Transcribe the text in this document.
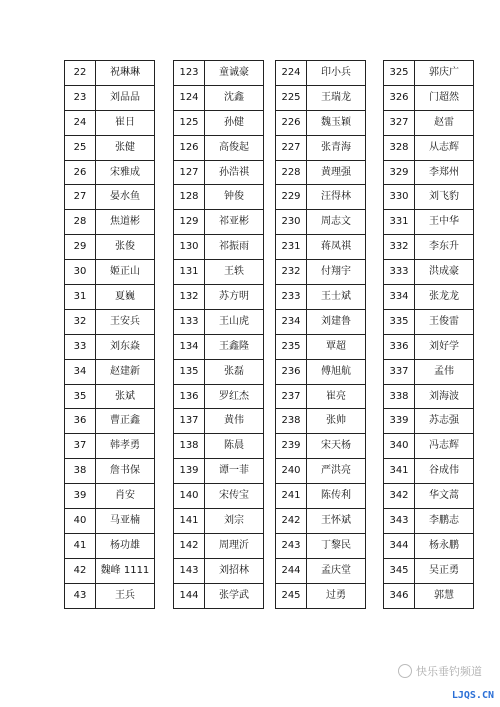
22	祝琳琳
23	刘品品
24	崔日
25	张健
26	宋雅成
27	晏水鱼
28	焦道彬
29	张俊
30	姬正山
31	夏巍
32	王安兵
33	刘东焱
34	赵建新
35	张斌
36	曹正鑫
37	韩孝勇
38	詹书保
39	肖安
40	马亚楠
41	杨功雄
42	魏峰 1111
43	王兵
123	童诚豪
124	沈鑫
125	孙健
126	高俊起
127	孙浩祺
128	钟俊
129	祁亚彬
130	祁振雨
131	王轶
132	苏方明
133	王山虎
134	王鑫隆
135	张磊
136	罗红杰
137	黄伟
138	陈晨
139	谭一菲
140	宋传宝
141	刘宗
142	周理沂
143	刘招林
144	张学武
224	印小兵
225	王瑞龙
226	魏玉颖
227	张青海
228	黄理强
229	汪得林
230	周志文
231	蒋凤祺
232	付翔宇
233	王士斌
234	刘建鲁
235	覃超
236	傅旭航
237	崔亮
238	张帅
239	宋天杨
240	严洪亮
241	陈传利
242	王怀斌
243	丁黎民
244	孟庆堂
245	过勇
325	郭庆广
326	门超然
327	赵雷
328	从志辉
329	李郑州
330	刘飞豹
331	王中华
332	李东升
333	洪成豪
334	张龙龙
335	王俊雷
336	刘好学
337	孟伟
338	刘海波
339	苏志强
340	冯志辉
341	谷成伟
342	华文蒿
343	李鹏志
344	杨永鹏
345	吴正勇
346	郭慧
快乐垂钓频道
LJQS.CN
